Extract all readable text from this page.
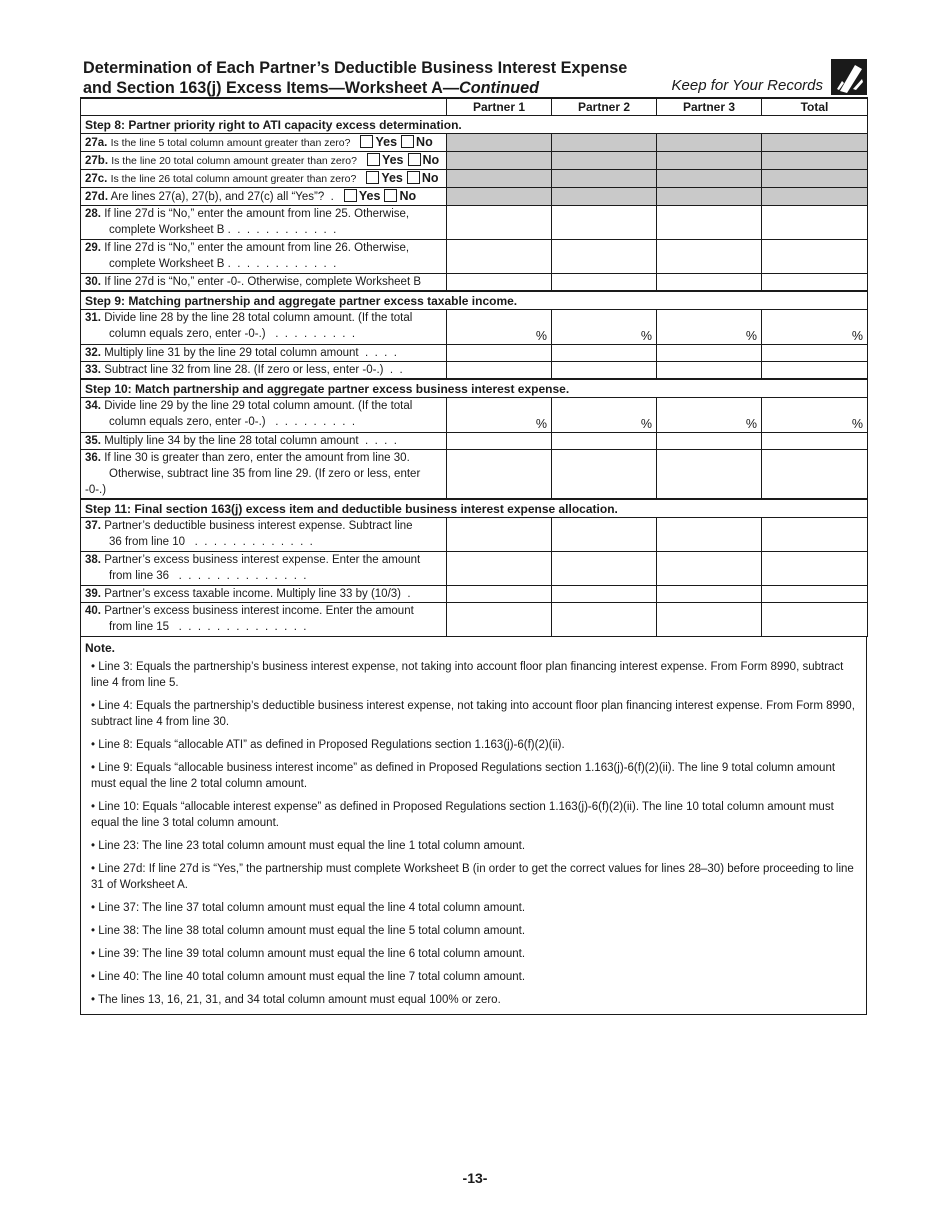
Determination of Each Partner’s Deductible Business Interest Expense
and Section 163(j) Excess Items—Worksheet A—Continued	Keep for Your Records
	Partner 1	Partner 2	Partner 3	Total
Step 8: Partner priority right to ATI capacity excess determination.				
27a. Is the line 5 total column amount greater than zero? Yes No				
27b. Is the line 20 total column amount greater than zero? Yes No				
27c. Is the line 26 total column amount greater than zero? Yes No				
27d. Are lines 27(a), 27(b), and 27(c) all “Yes”?  . Yes No				
28. If line 27d is “No,” enter the amount from line 25. Otherwise,
complete Worksheet B .  .  .  .  .  .  .  .  .  .  .  .				
29. If line 27d is “No,” enter the amount from line 26. Otherwise,
complete Worksheet B .  .  .  .  .  .  .  .  .  .  .  .				
30. If line 27d is “No,” enter -0-. Otherwise, complete Worksheet B				
Step 9: Matching partnership and aggregate partner excess taxable income.				
31. Divide line 28 by the line 28 total column amount. (If the total
column equals zero, enter -0-.)   .  .  .  .  .  .  .  .  .	%	%	%	%
32. Multiply line 31 by the line 29 total column amount  .  .  .  .				
33. Subtract line 32 from line 28. (If zero or less, enter -0-.)  .  .				
Step 10: Match partnership and aggregate partner excess business interest expense.				
34. Divide line 29 by the line 29 total column amount. (If the total
column equals zero, enter -0-.)   .  .  .  .  .  .  .  .  .	%	%	%	%
35. Multiply line 34 by the line 28 total column amount  .  .  .  .				
36. If line 30 is greater than zero, enter the amount from line 30.
Otherwise, subtract line 35 from line 29. (If zero or less, enter -0-.)				
Step 11: Final section 163(j) excess item and deductible business interest expense allocation.				
37. Partner’s deductible business interest expense. Subtract line
36 from line 10   .  .  .  .  .  .  .  .  .  .  .  .  .				
38. Partner’s excess business interest expense. Enter the amount
from line 36   .  .  .  .  .  .  .  .  .  .  .  .  .  .				
39. Partner’s excess taxable income. Multiply line 33 by (10/3)  .				
40. Partner’s excess business interest income. Enter the amount
from line 15   .  .  .  .  .  .  .  .  .  .  .  .  .  .				
Note.

• Line 3: Equals the partnership’s business interest expense, not taking into account floor plan financing interest expense. From Form 8990, subtract line 4 from line 5.

• Line 4: Equals the partnership’s deductible business interest expense, not taking into account floor plan financing interest expense. From Form 8990, subtract line 4 from line 30.

• Line 8: Equals “allocable ATI” as defined in Proposed Regulations section 1.163(j)-6(f)(2)(ii).

• Line 9: Equals “allocable business interest income” as defined in Proposed Regulations section 1.163(j)-6(f)(2)(ii). The line 9 total column amount must equal the line 2 total column amount.

• Line 10: Equals “allocable interest expense” as defined in Proposed Regulations section 1.163(j)-6(f)(2)(ii). The line 10 total column amount must equal the line 3 total column amount.

• Line 23: The line 23 total column amount must equal the line 1 total column amount.

• Line 27d: If line 27d is “Yes,” the partnership must complete Worksheet B (in order to get the correct values for lines 28–30) before proceeding to line 31 of Worksheet A.

• Line 37: The line 37 total column amount must equal the line 4 total column amount.

• Line 38: The line 38 total column amount must equal the line 5 total column amount.

• Line 39: The line 39 total column amount must equal the line 6 total column amount.

• Line 40: The line 40 total column amount must equal the line 7 total column amount.

• The lines 13, 16, 21, 31, and 34 total column amount must equal 100% or zero.

-13-
